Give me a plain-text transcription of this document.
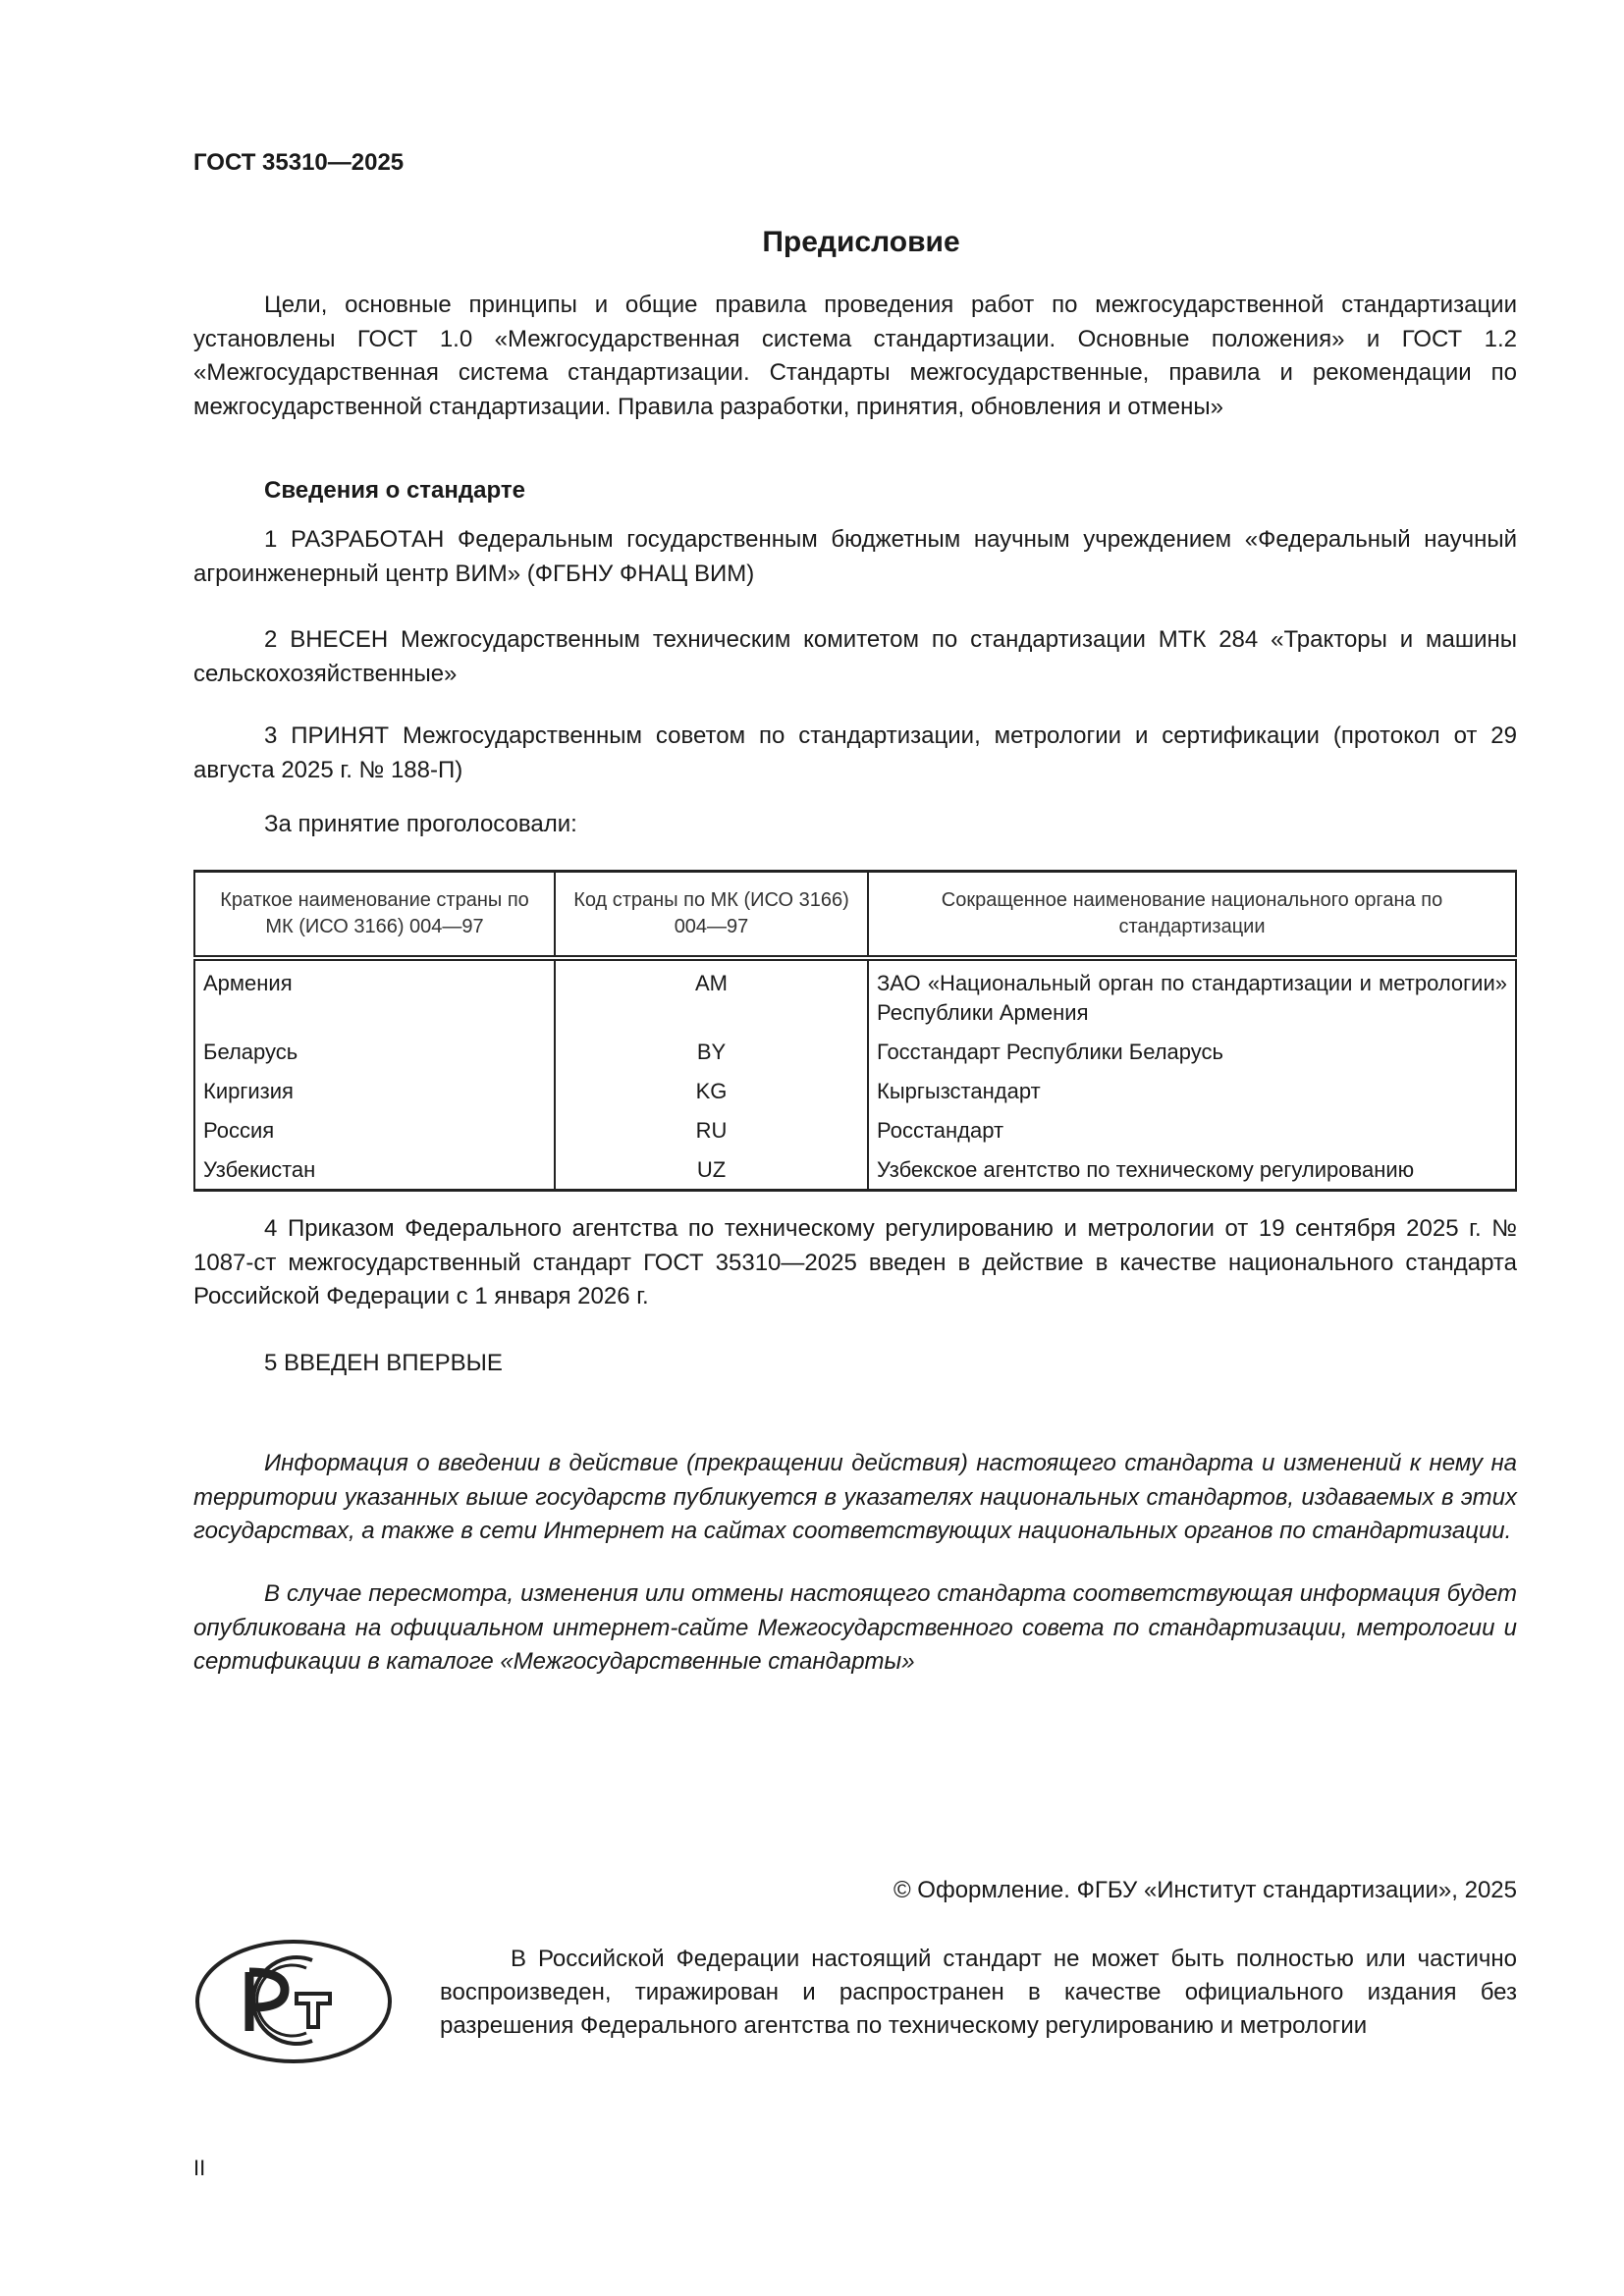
ГОСТ 35310—2025
Предисловие
Цели, основные принципы и общие правила проведения работ по межгосударственной стандартизации установлены ГОСТ 1.0 «Межгосударственная система стандартизации. Основные положения» и ГОСТ 1.2 «Межгосударственная система стандартизации. Стандарты межгосударственные, правила и рекомендации по межгосударственной стандартизации. Правила разработки, принятия, обновления и отмены»
Сведения о стандарте
1 РАЗРАБОТАН Федеральным государственным бюджетным научным учреждением «Федеральный научный агроинженерный центр ВИМ» (ФГБНУ ФНАЦ ВИМ)
2 ВНЕСЕН Межгосударственным техническим комитетом по стандартизации МТК 284 «Тракторы и машины сельскохозяйственные»
3 ПРИНЯТ Межгосударственным советом по стандартизации, метрологии и сертификации (протокол от 29 августа 2025 г. № 188-П)
За принятие проголосовали:
Краткое наименование страны по МК (ИСО 3166) 004—97	Код страны по МК (ИСО 3166) 004—97	Сокращенное наименование национального органа по стандартизации
Армения	AM	ЗАО «Национальный орган по стандартизации и метрологии» Республики Армения
Беларусь	BY	Госстандарт Республики Беларусь
Киргизия	KG	Кыргызстандарт
Россия	RU	Росстандарт
Узбекистан	UZ	Узбекское агентство по техническому регулированию
4 Приказом Федерального агентства по техническому регулированию и метрологии от 19 сентября 2025 г. № 1087-ст межгосударственный стандарт ГОСТ 35310—2025 введен в действие в качестве национального стандарта Российской Федерации с 1 января 2026 г.
5 ВВЕДЕН ВПЕРВЫЕ
Информация о введении в действие (прекращении действия) настоящего стандарта и изменений к нему на территории указанных выше государств публикуется в указателях национальных стандартов, издаваемых в этих государствах, а также в сети Интернет на сайтах соответствующих национальных органов по стандартизации.
В случае пересмотра, изменения или отмены настоящего стандарта соответствующая информация будет опубликована на официальном интернет-сайте Межгосударственного совета по стандартизации, метрологии и сертификации в каталоге «Межгосударственные стандарты»
© Оформление. ФГБУ «Институт стандартизации», 2025
В Российской Федерации настоящий стандарт не может быть полностью или частично воспроизведен, тиражирован и распространен в качестве официального издания без разрешения Федерального агентства по техническому регулированию и метрологии
II
